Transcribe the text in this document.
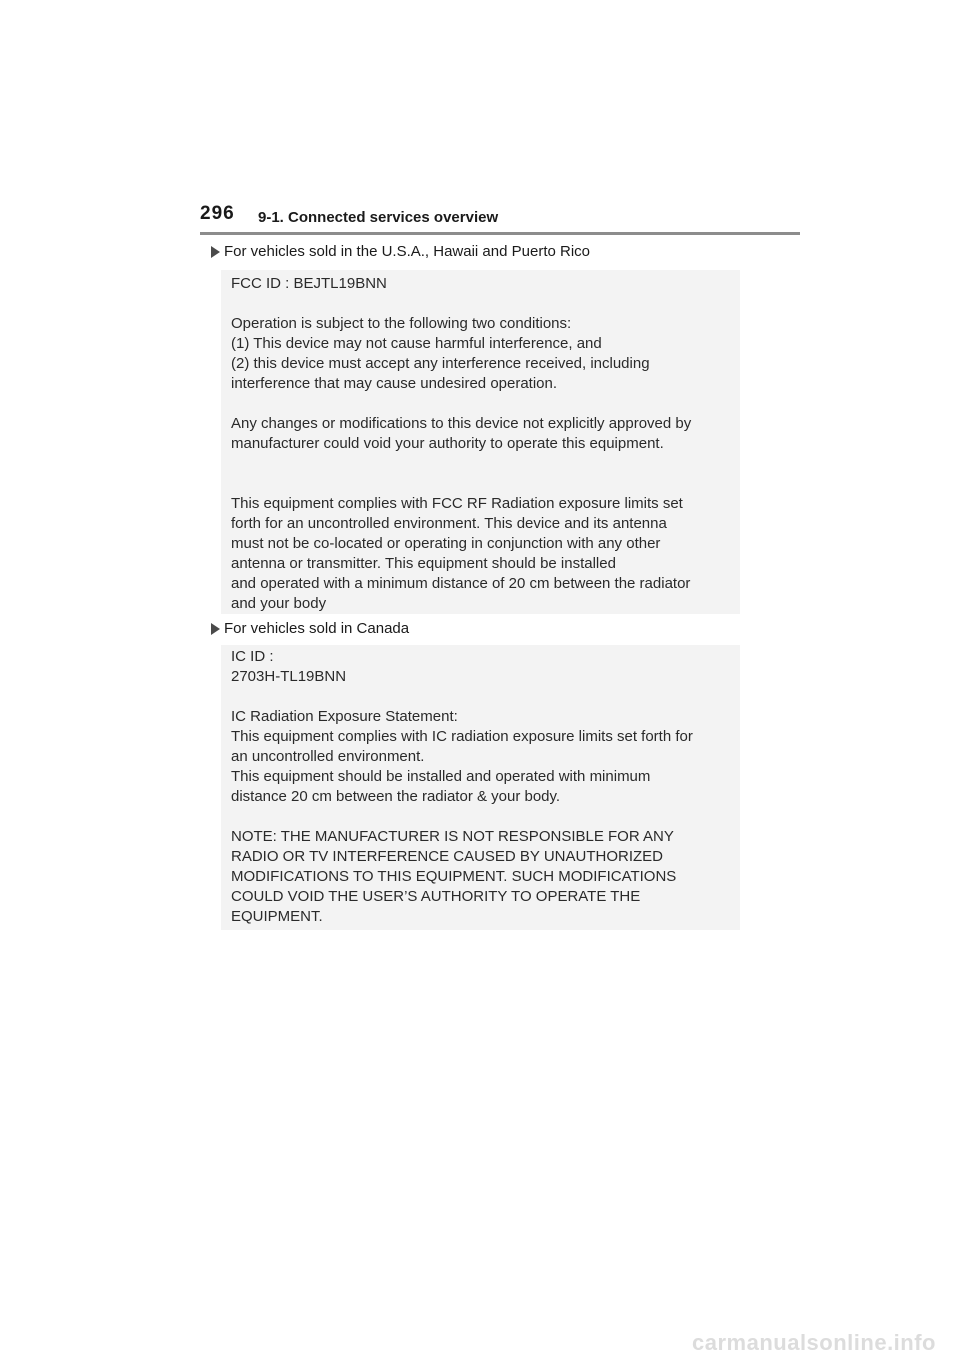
296 9-1. Connected services overview
For vehicles sold in the U.S.A., Hawaii and Puerto Rico

FCC ID : BEJTL19BNN

Operation is subject to the following two conditions:
(1) This device may not cause harmful interference, and
(2) this device must accept any interference received, including
interference that may cause undesired operation.

Any changes or modifications to this device not explicitly approved by
manufacturer could void your authority to operate this equipment.

This equipment complies with FCC RF Radiation exposure limits set
forth for an uncontrolled environment. This device and its antenna
must not be co-located or operating in conjunction with any other
antenna or transmitter. This equipment should be installed
and operated with a minimum distance of 20 cm between the radiator
and your body

For vehicles sold in Canada

IC ID :
2703H-TL19BNN

IC Radiation Exposure Statement:
This equipment complies with IC radiation exposure limits set forth for
an uncontrolled environment.
This equipment should be installed and operated with minimum
distance 20 cm between the radiator & your body.

NOTE: THE MANUFACTURER IS NOT RESPONSIBLE FOR ANY
RADIO OR TV INTERFERENCE CAUSED BY UNAUTHORIZED
MODIFICATIONS TO THIS EQUIPMENT. SUCH MODIFICATIONS
COULD VOID THE USER’S AUTHORITY TO OPERATE THE
EQUIPMENT.

carmanualsonline.info
